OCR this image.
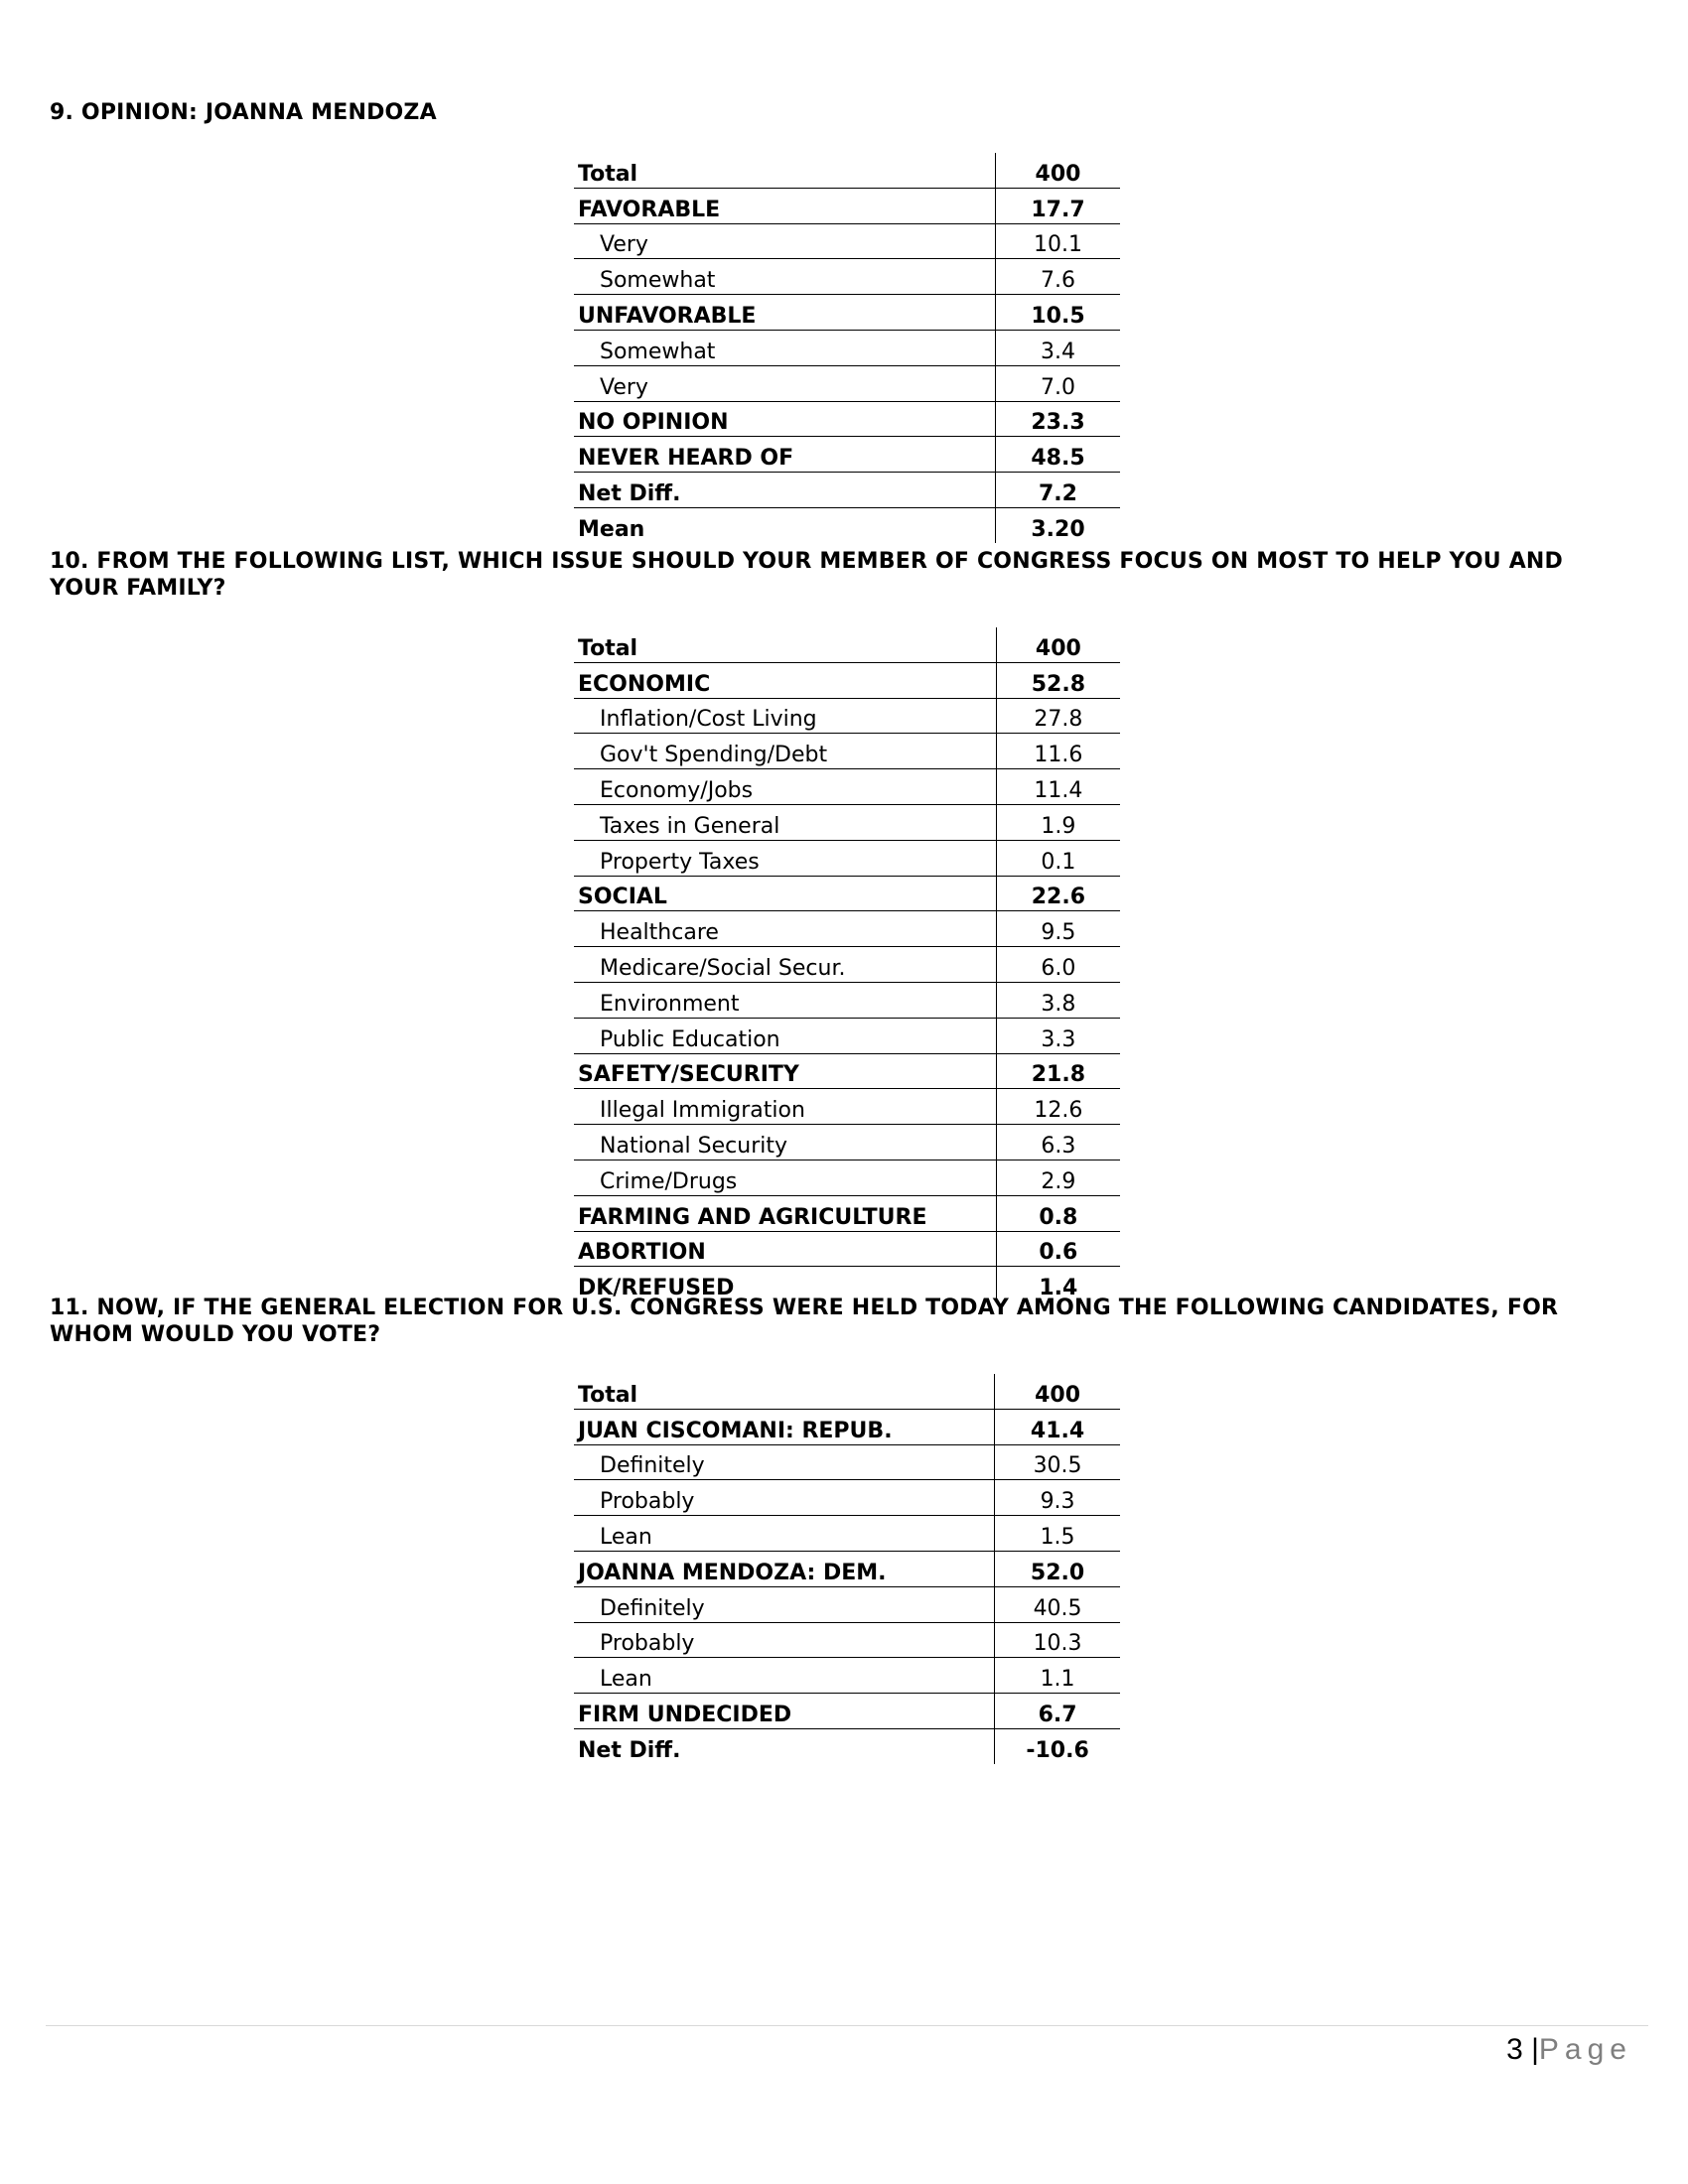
9. OPINION: JOANNA MENDOZA
Total	400
FAVORABLE	17.7
Very	10.1
Somewhat	7.6
UNFAVORABLE	10.5
Somewhat	3.4
Very	7.0
NO OPINION	23.3
NEVER HEARD OF	48.5
Net Diff.	7.2
Mean	3.20
10. FROM THE FOLLOWING LIST, WHICH ISSUE SHOULD YOUR MEMBER OF CONGRESS FOCUS ON MOST TO HELP YOU AND YOUR FAMILY?
Total	400
ECONOMIC	52.8
Inflation/Cost Living	27.8
Gov't Spending/Debt	11.6
Economy/Jobs	11.4
Taxes in General	1.9
Property Taxes	0.1
SOCIAL	22.6
Healthcare	9.5
Medicare/Social Secur.	6.0
Environment	3.8
Public Education	3.3
SAFETY/SECURITY	21.8
Illegal Immigration	12.6
National Security	6.3
Crime/Drugs	2.9
FARMING AND AGRICULTURE	0.8
ABORTION	0.6
DK/REFUSED	1.4
11. NOW, IF THE GENERAL ELECTION FOR U.S. CONGRESS WERE HELD TODAY AMONG THE FOLLOWING CANDIDATES, FOR WHOM WOULD YOU VOTE?
Total	400
JUAN CISCOMANI: REPUB.	41.4
Definitely	30.5
Probably	9.3
Lean	1.5
JOANNA MENDOZA: DEM.	52.0
Definitely	40.5
Probably	10.3
Lean	1.1
FIRM UNDECIDED	6.7
Net Diff.	-10.6
3 |Page
